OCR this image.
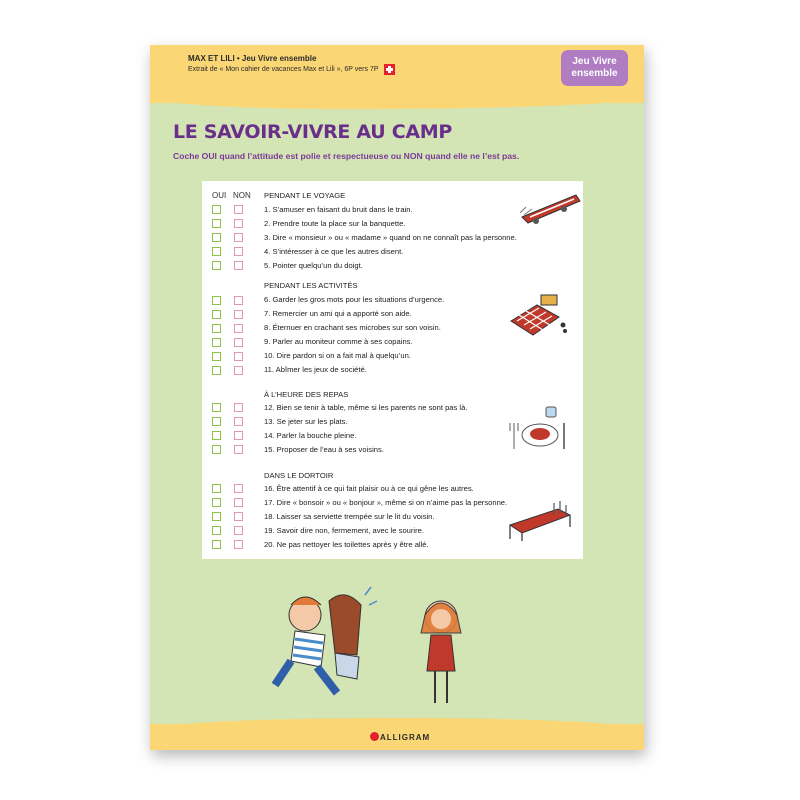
MAX ET LILI • Jeu Vivre ensemble
Extrait de « Mon cahier de vacances Max et Lili », 6P vers 7P
Jeu Vivre
ensemble
LE SAVOIR-VIVRE AU CAMP
Coche OUI quand l’attitude est polie et respectueuse ou NON quand elle ne l’est pas.
OUI NON PENDANT LE VOYAGE
1. S’amuser en faisant du bruit dans le train.
2. Prendre toute la place sur la banquette.
3. Dire « monsieur » ou « madame » quand on ne connaît pas la personne.
4. S’intéresser à ce que les autres disent.
5. Pointer quelqu’un du doigt.
PENDANT LES ACTIVITÉS
6. Garder les gros mots pour les situations d’urgence.
7. Remercier un ami qui a apporté son aide.
8. Éternuer en crachant ses microbes sur son voisin.
9. Parler au moniteur comme à ses copains.
10. Dire pardon si on a fait mal à quelqu’un.
11. Abîmer les jeux de société.
À L’HEURE DES REPAS
12. Bien se tenir à table, même si les parents ne sont pas là.
13. Se jeter sur les plats.
14. Parler la bouche pleine.
15. Proposer de l’eau à ses voisins.
DANS LE DORTOIR
16. Être attentif à ce qui fait plaisir ou à ce qui gêne les autres.
17. Dire « bonsoir » ou « bonjour », même si on n’aime pas la personne.
18. Laisser sa serviette trempée sur le lit du voisin.
19. Savoir dire non, fermement, avec le sourire.
20. Ne pas nettoyer les toilettes après y être allé.
ALLIGRAM
